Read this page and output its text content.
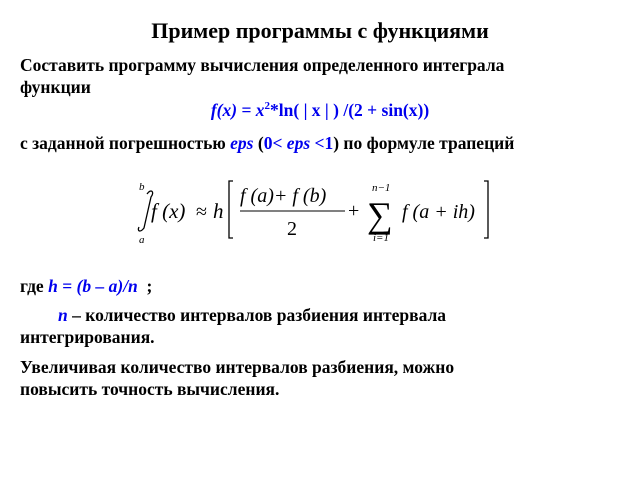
Пример программы с функциями
Составить программу вычисления определенного интеграла
функции
$f(x) = x^2*\ln$( | x | ) /(2 + sin(x))
с заданной погрешностью eps (0< eps <1) по формуле трапеций
b
a
f (x) ≈ h
f (a)+ f (b)
2
+
n−1
∑
i=1
f (a + ih)
где h = (b – a)/n ;
n – количество интервалов разбиения интервала
интегрирования.
Увеличивая количество интервалов разбиения, можно
повысить точность вычисления.
